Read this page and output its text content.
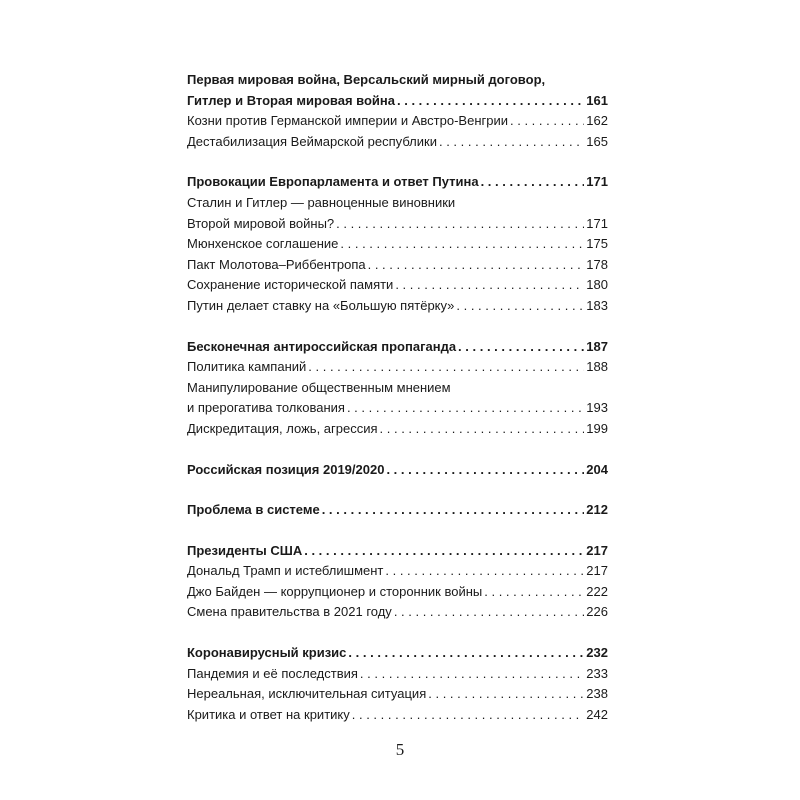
Первая мировая война, Версальский мирный договор,
Гитлер и Вторая мировая война . . .	161
Козни против Германской империи и Австро-Венгрии . . .	162
Дестабилизация Веймарской республики . . .	165
Провокации Европарламента и ответ Путина . . .	171
Сталин и Гитлер — равноценные виновники
Второй мировой войны? . . .	171
Мюнхенское соглашение . . .	175
Пакт Молотова–Риббентропа . . .	178
Сохранение исторической памяти . . .	180
Путин делает ставку на «Большую пятёрку» . . .	183
Бесконечная антироссийская пропаганда . . .	187
Политика кампаний . . .	188
Манипулирование общественным мнением
и прерогатива толкования . . .	193
Дискредитация, ложь, агрессия . . .	199
Российская позиция 2019/2020 . . .	204
Проблема в системе . . .	212
Президенты США . . .	217
Дональд Трамп и истеблишмент . . .	217
Джо Байден — коррупционер и сторонник войны . . .	222
Смена правительства в 2021 году . . .	226
Коронавирусный кризис . . .	232
Пандемия и её последствия . . .	233
Нереальная, исключительная ситуация . . .	238
Критика и ответ на критику . . .	242
5
